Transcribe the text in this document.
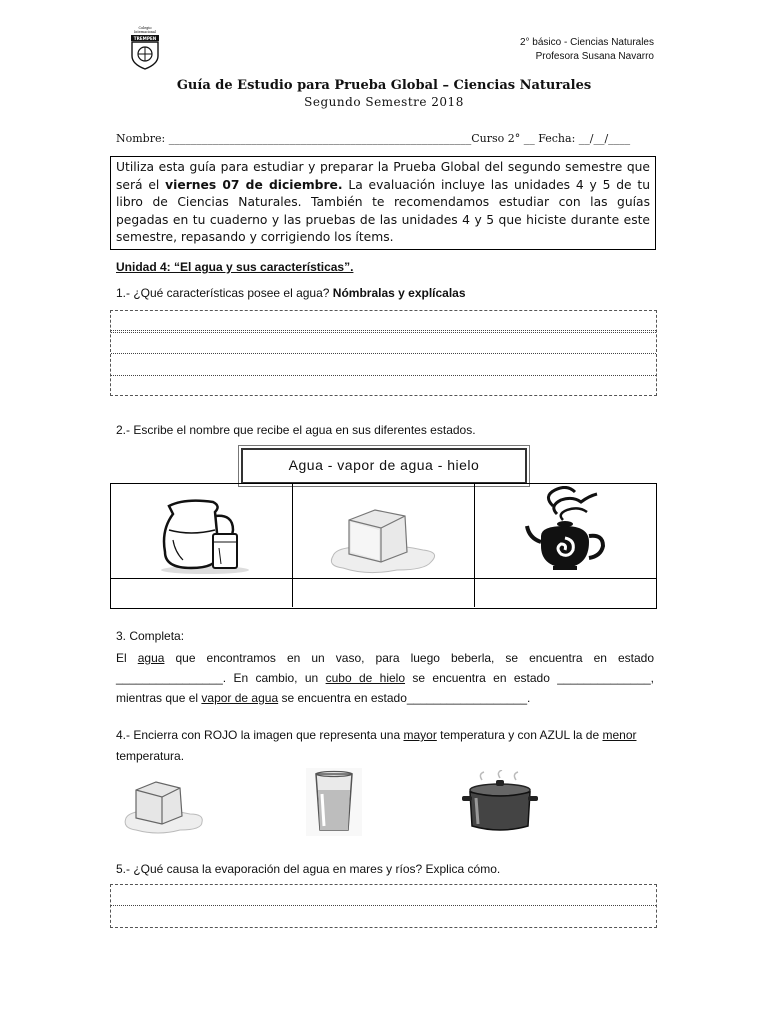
Colegio
Internacional
TREMPEN	2° básico - Ciencias Naturales
Profesora Susana Navarro
Guía de Estudio para Prueba Global – Ciencias Naturales
Segundo Semestre 2018
Nombre: _______________________________________________________Curso 2° __ Fecha: __/__/____
Utiliza esta guía para estudiar y preparar la Prueba Global del segundo semestre que será el viernes 07 de diciembre. La evaluación incluye las unidades 4 y 5 de tu libro de Ciencias Naturales. También te recomendamos estudiar con las guías pegadas en tu cuaderno y las pruebas de las unidades 4 y 5 que hiciste durante este semestre, repasando y corrigiendo los ítems.
Unidad 4: “El agua y sus características”.
1.- ¿Qué características posee el agua? Nómbralas y explícalas
2.- Escribe el nombre que recibe el agua en sus diferentes estados.
Agua - vapor de agua - hielo
3. Completa:
El agua que encontramos en un vaso, para luego beberla, se encuentra en estado ________________. En cambio, un cubo de hielo se encuentra en estado ______________, mientras que el vapor de agua se encuentra en estado__________________.
4.- Encierra con ROJO la imagen que representa una mayor temperatura y con AZUL la de menor temperatura.
5.- ¿Qué causa la evaporación del agua en mares y ríos? Explica cómo.
